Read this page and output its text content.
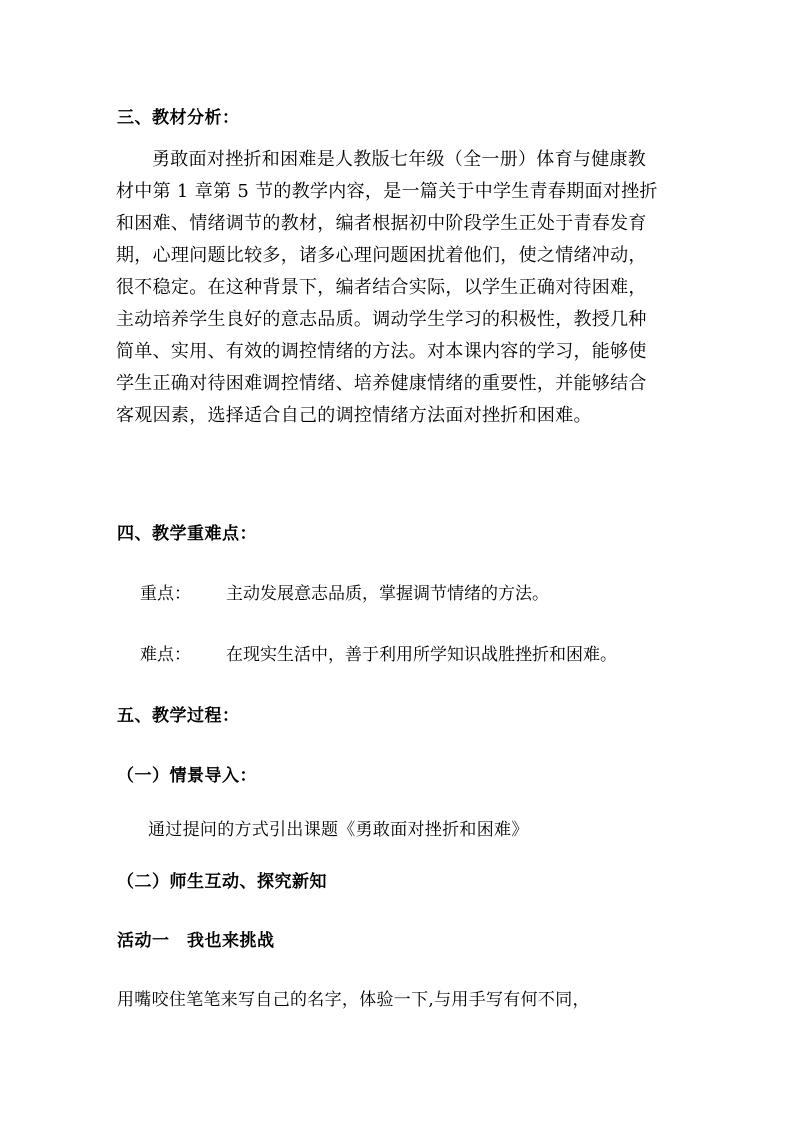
三、教材分析：
勇敢面对挫折和困难是人教版七年级（全一册）体育与健康教
材中第 1 章第 5 节的教学内容，是一篇关于中学生青春期面对挫折
和困难、情绪调节的教材，编者根据初中阶段学生正处于青春发育
期，心理问题比较多，诸多心理问题困扰着他们，使之情绪冲动，
很不稳定。在这种背景下，编者结合实际，以学生正确对待困难，
主动培养学生良好的意志品质。调动学生学习的积极性，教授几种
简单、实用、有效的调控情绪的方法。对本课内容的学习，能够使
学生正确对待困难调控情绪、培养健康情绪的重要性，并能够结合
客观因素，选择适合自己的调控情绪方法面对挫折和困难。
四、教学重难点：
重点： 主动发展意志品质，掌握调节情绪的方法。
难点： 在现实生活中，善于利用所学知识战胜挫折和困难。
五、教学过程：
（一）情景导入：
通过提问的方式引出课题《勇敢面对挫折和困难》
（二）师生互动、探究新知
活动一　我也来挑战
用嘴咬住笔笔来写自己的名字，体验一下,与用手写有何不同，
